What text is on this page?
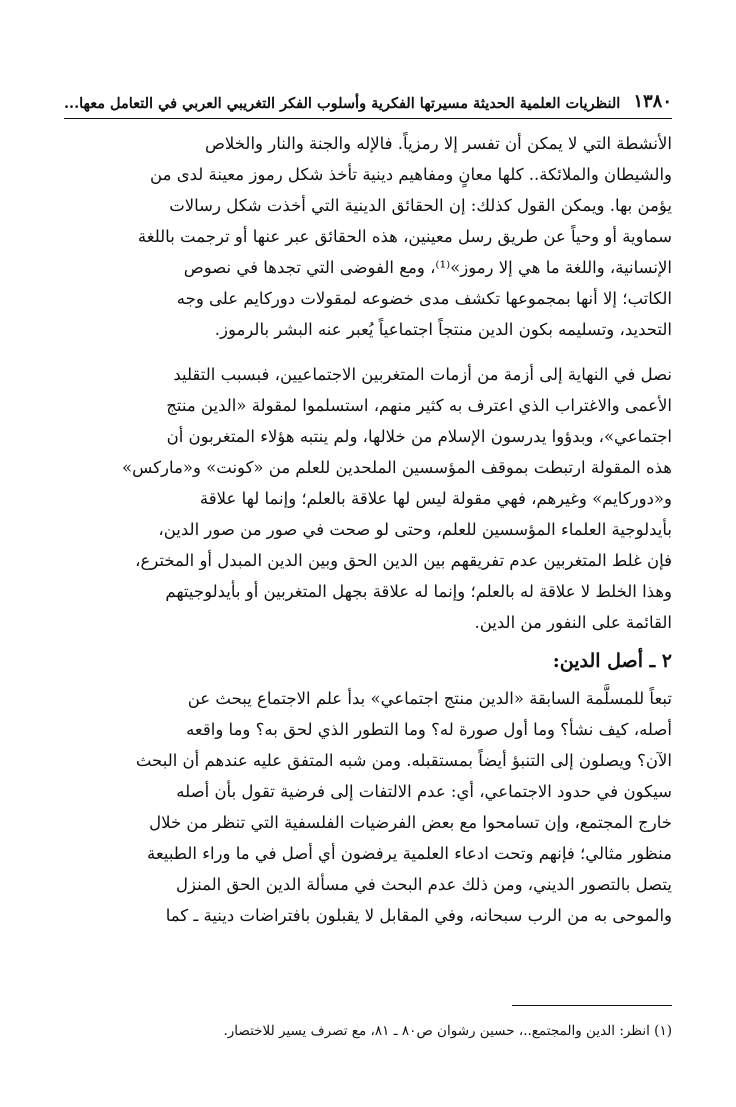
١٣٨٠
النظريات العلمية الحديثة مسيرتها الفكرية وأسلوب الفكر التغريبي العربي في التعامل معها...
الأنشطة التي لا يمكن أن تفسر إلا رمزياً. فالإله والجنة والنار والخلاص
والشيطان والملائكة.. كلها معانٍ ومفاهيم دينية تأخذ شكل رموز معينة لدى من
يؤمن بها. ويمكن القول كذلك: إن الحقائق الدينية التي أخذت شكل رسالات
سماوية أو وحياً عن طريق رسل معينين، هذه الحقائق عبر عنها أو ترجمت باللغة
الإنسانية، واللغة ما هي إلا رموز»⁽¹⁾، ومع الفوضى التي تجدها في نصوص
الكاتب؛ إلا أنها بمجموعها تكشف مدى خضوعه لمقولات دوركايم على وجه
التحديد، وتسليمه بكون الدين منتجاً اجتماعياً يُعبر عنه البشر بالرموز.
نصل في النهاية إلى أزمة من أزمات المتغربين الاجتماعيين، فبسبب التقليد
الأعمى والاغتراب الذي اعترف به كثير منهم، استسلموا لمقولة «الدين منتج
اجتماعي»، وبدؤوا يدرسون الإسلام من خلالها، ولم ينتبه هؤلاء المتغربون أن
هذه المقولة ارتبطت بموقف المؤسسين الملحدين للعلم من «كونت» و«ماركس»
و«دوركايم» وغيرهم، فهي مقولة ليس لها علاقة بالعلم؛ وإنما لها علاقة
بأيدلوجية العلماء المؤسسين للعلم، وحتى لو صحت في صور من صور الدين،
فإن غلط المتغربين عدم تفريقهم بين الدين الحق وبين الدين المبدل أو المخترع،
وهذا الخلط لا علاقة له بالعلم؛ وإنما له علاقة بجهل المتغربين أو بأيدلوجيتهم
القائمة على النفور من الدين.
٢ ـ أصل الدين:
تبعاً للمسلَّمة السابقة «الدين منتج اجتماعي» بدأ علم الاجتماع يبحث عن
أصله، كيف نشأ؟ وما أول صورة له؟ وما التطور الذي لحق به؟ وما واقعه
الآن؟ ويصلون إلى التنبؤ أيضاً بمستقبله. ومن شبه المتفق عليه عندهم أن البحث
سيكون في حدود الاجتماعي، أي: عدم الالتفات إلى فرضية تقول بأن أصله
خارج المجتمع، وإن تسامحوا مع بعض الفرضيات الفلسفية التي تنظر من خلال
منظور مثالي؛ فإنهم وتحت ادعاء العلمية يرفضون أي أصل في ما وراء الطبيعة
يتصل بالتصور الديني، ومن ذلك عدم البحث في مسألة الدين الحق المنزل
والموحى به من الرب سبحانه، وفي المقابل لا يقبلون بافتراضات دينية ـ كما
(١) انظر: الدين والمجتمع..، حسين رشوان ص٨٠ ـ ٨١، مع تصرف يسير للاختصار.
